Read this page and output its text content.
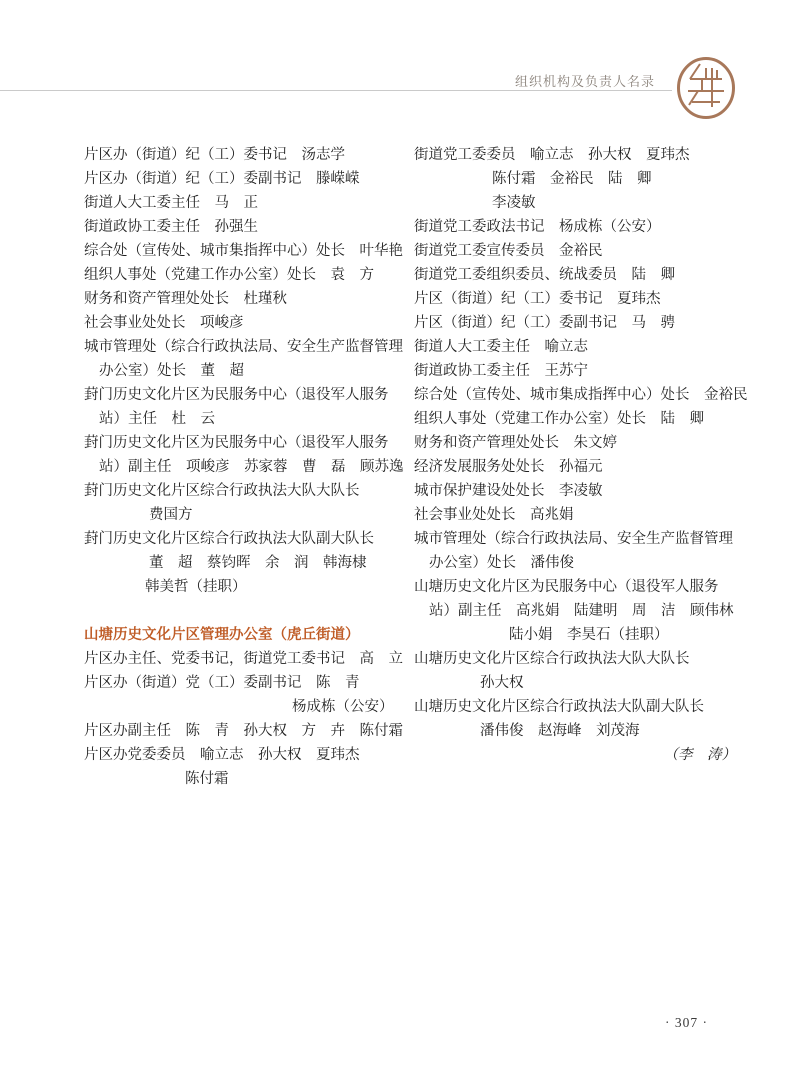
组织机构及负责人名录
片区办（街道）纪（工）委书记　汤志学
片区办（街道）纪（工）委副书记　滕嵘嵘
街道人大工委主任　马　正
街道政协工委主任　孙强生
综合处（宣传处、城市集指挥中心）处长　叶华艳
组织人事处（党建工作办公室）处长　袁　方
财务和资产管理处处长　杜瑾秋
社会事业处处长　项峻彦
城市管理处（综合行政执法局、安全生产监督管理
办公室）处长　董　超
葑门历史文化片区为民服务中心（退役军人服务
站）主任　杜　云
葑门历史文化片区为民服务中心（退役军人服务
站）副主任　项峻彦　苏家蓉　曹　磊　顾苏逸
葑门历史文化片区综合行政执法大队大队长
费国方
葑门历史文化片区综合行政执法大队副大队长
董　超　蔡钧晖　余　润　韩海棣
韩美哲（挂职）
山塘历史文化片区管理办公室（虎丘街道）
片区办主任、党委书记，街道党工委书记　高　立
片区办（街道）党（工）委副书记　陈　青
杨成栋（公安）
片区办副主任　陈　青　孙大权　方　卉　陈付霜
片区办党委委员　喻立志　孙大权　夏玮杰
陈付霜
街道党工委委员　喻立志　孙大权　夏玮杰
陈付霜　金裕民　陆　卿
李凌敏
街道党工委政法书记　杨成栋（公安）
街道党工委宣传委员　金裕民
街道党工委组织委员、统战委员　陆　卿
片区（街道）纪（工）委书记　夏玮杰
片区（街道）纪（工）委副书记　马　骋
街道人大工委主任　喻立志
街道政协工委主任　王苏宁
综合处（宣传处、城市集成指挥中心）处长　金裕民
组织人事处（党建工作办公室）处长　陆　卿
财务和资产管理处处长　朱文婷
经济发展服务处处长　孙福元
城市保护建设处处长　李凌敏
社会事业处处长　高兆娟
城市管理处（综合行政执法局、安全生产监督管理
办公室）处长　潘伟俊
山塘历史文化片区为民服务中心（退役军人服务
站）副主任　高兆娟　陆建明　周　洁　顾伟林
陆小娟　李昊石（挂职）
山塘历史文化片区综合行政执法大队大队长
孙大权
山塘历史文化片区综合行政执法大队副大队长
潘伟俊　赵海峰　刘茂海
（李　涛）
· 307 ·
